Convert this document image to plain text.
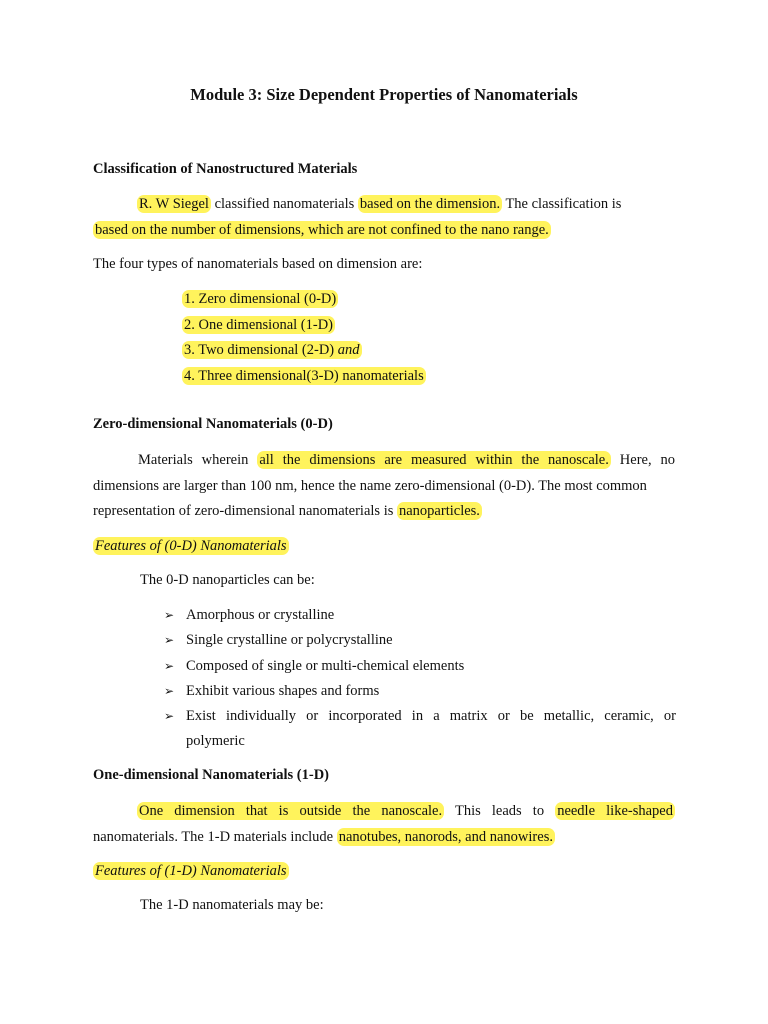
Module 3: Size Dependent Properties of Nanomaterials
Classification of Nanostructured Materials

R. W Siegel classified nanomaterials based on the dimension. The classification is
based on the number of dimensions, which are not confined to the nano range.

The four types of nanomaterials based on dimension are:

1. Zero dimensional (0-D)
2. One dimensional (1-D)
3. Two dimensional (2-D) and
4. Three dimensional(3-D) nanomaterials
Zero-dimensional Nanomaterials (0-D)
Materials wherein all the dimensions are measured within the nanoscale. Here, no
dimensions are larger than 100 nm, hence the name zero-dimensional (0-D). The most common
representation of zero-dimensional nanomaterials is nanoparticles.

Features of (0-D) Nanomaterials

The 0-D nanoparticles can be:

➢ Amorphous or crystalline
➢ Single crystalline or polycrystalline
➢ Composed of single or multi-chemical elements
➢ Exhibit various shapes and forms
➢ Exist individually or incorporated in a matrix or be metallic, ceramic, or
polymeric
One-dimensional Nanomaterials (1-D)
One dimension that is outside the nanoscale. This leads to needle like-shaped
nanomaterials. The 1-D materials include nanotubes, nanorods, and nanowires.

Features of (1-D) Nanomaterials

The 1-D nanomaterials may be:
